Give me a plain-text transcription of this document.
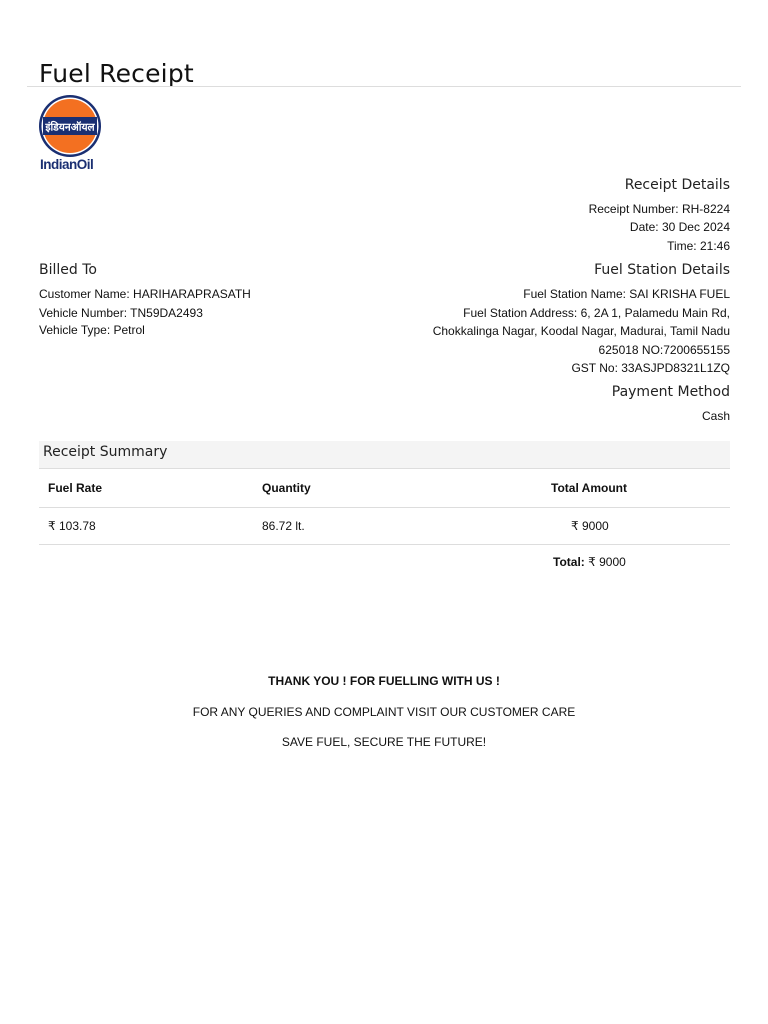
Fuel Receipt
इंडियनऑयल
IndianOil
Receipt Details
Receipt Number: RH-8224
Date: 30 Dec 2024
Time: 21:46
Billed To
Customer Name: HARIHARAPRASATH
Vehicle Number: TN59DA2493
Vehicle Type: Petrol
Fuel Station Details
Fuel Station Name: SAI KRISHA FUEL
Fuel Station Address: 6, 2A 1, Palamedu Main Rd,
Chokkalinga Nagar, Koodal Nagar, Madurai, Tamil Nadu
625018 NO:7200655155
GST No: 33ASJPD8321L1ZQ
Payment Method
Cash
Receipt Summary
Fuel Rate	Quantity	Total Amount
₹ 103.78	86.72 lt.	₹ 9000
Total: ₹ 9000
THANK YOU ! FOR FUELLING WITH US !
FOR ANY QUERIES AND COMPLAINT VISIT OUR CUSTOMER CARE
SAVE FUEL, SECURE THE FUTURE!
